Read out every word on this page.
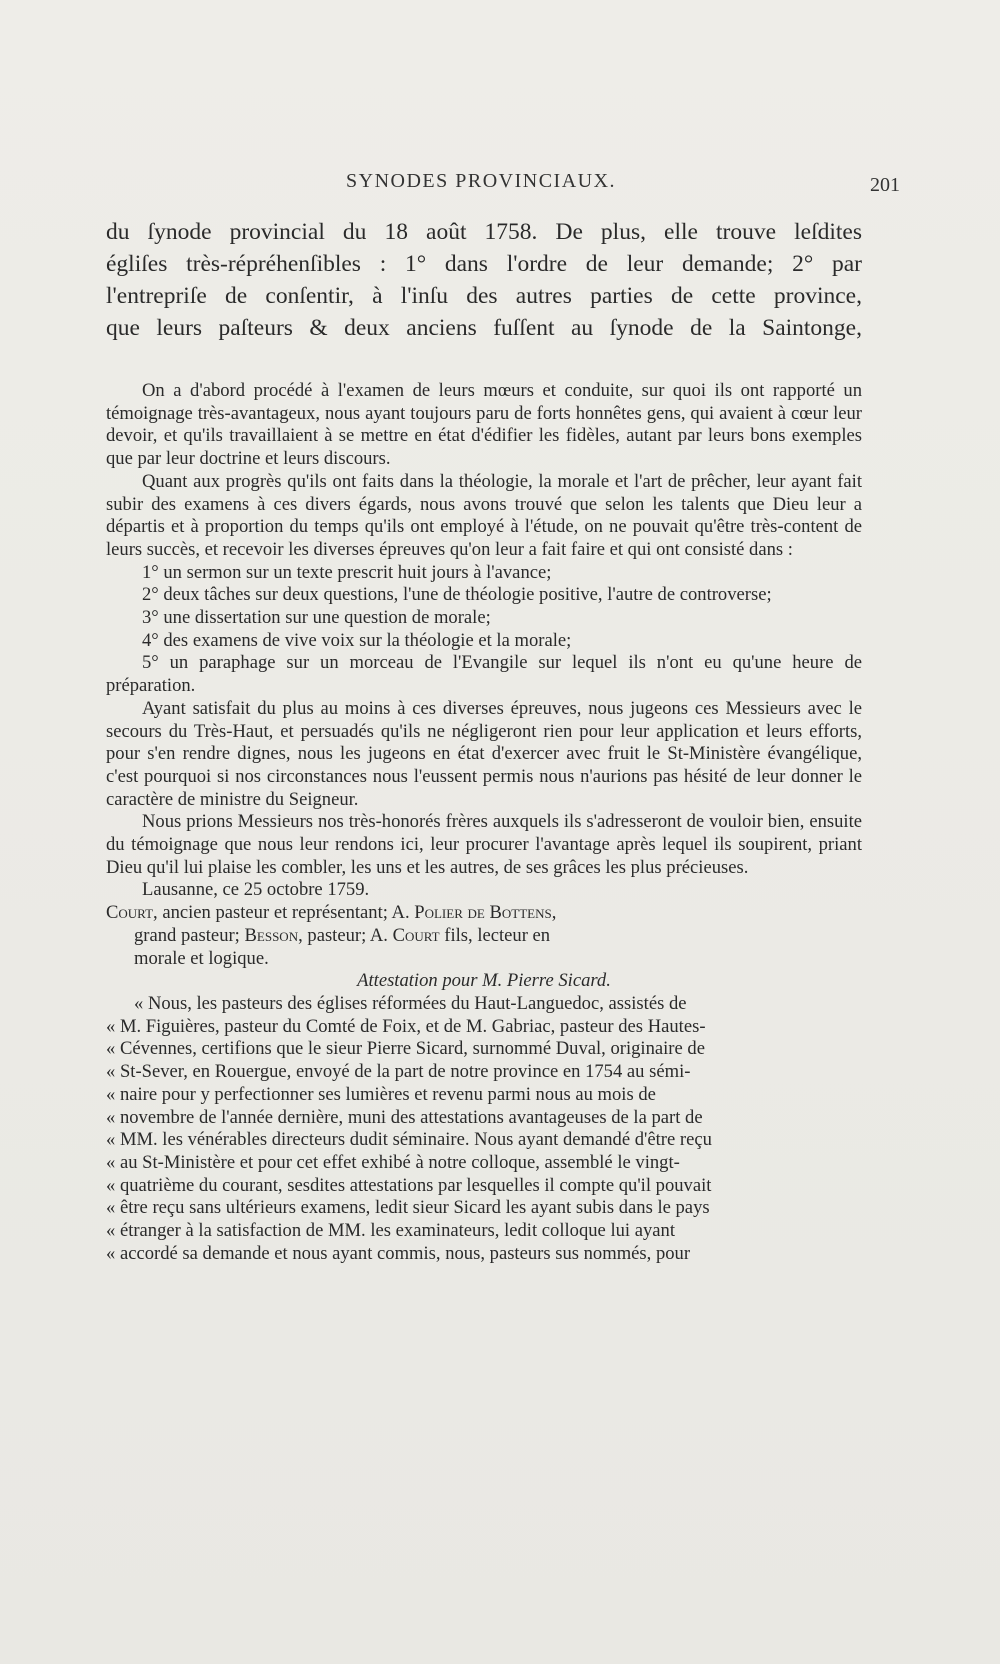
SYNODES PROVINCIAUX.	201

du ſynode provincial du 18 août 1758. De plus, elle trouve leſdites
égliſes très-répréhenſibles : 1° dans l'ordre de leur demande; 2° par
l'entrepriſe de conſentir, à l'inſu des autres parties de cette province,
que leurs paſteurs & deux anciens fuſſent au ſynode de la Saintonge,

On a d'abord procédé à l'examen de leurs mœurs et conduite, sur quoi ils ont rapporté un témoignage très-avantageux, nous ayant toujours paru de forts honnêtes gens, qui avaient à cœur leur devoir, et qu'ils travaillaient à se mettre en état d'édifier les fidèles, autant par leurs bons exemples que par leur doctrine et leurs discours.

Quant aux progrès qu'ils ont faits dans la théologie, la morale et l'art de prêcher, leur ayant fait subir des examens à ces divers égards, nous avons trouvé que selon les talents que Dieu leur a départis et à proportion du temps qu'ils ont employé à l'étude, on ne pouvait qu'être très-content de leurs succès, et recevoir les diverses épreuves qu'on leur a fait faire et qui ont consisté dans :

1° un sermon sur un texte prescrit huit jours à l'avance;

2° deux tâches sur deux questions, l'une de théologie positive, l'autre de controverse;

3° une dissertation sur une question de morale;

4° des examens de vive voix sur la théologie et la morale;

5° un paraphage sur un morceau de l'Evangile sur lequel ils n'ont eu qu'une heure de préparation.

Ayant satisfait du plus au moins à ces diverses épreuves, nous jugeons ces Messieurs avec le secours du Très-Haut, et persuadés qu'ils ne négligeront rien pour leur application et leurs efforts, pour s'en rendre dignes, nous les jugeons en état d'exercer avec fruit le St-Ministère évangélique, c'est pourquoi si nos circonstances nous l'eussent permis nous n'aurions pas hésité de leur donner le caractère de ministre du Seigneur.

Nous prions Messieurs nos très-honorés frères auxquels ils s'adresseront de vouloir bien, ensuite du témoignage que nous leur rendons ici, leur procurer l'avantage après lequel ils soupirent, priant Dieu qu'il lui plaise les combler, les uns et les autres, de ses grâces les plus précieuses.

Lausanne, ce 25 octobre 1759.

Court, ancien pasteur et représentant; A. Polier de Bottens,
grand pasteur; Besson, pasteur; A. Court fils, lecteur en
morale et logique.

Attestation pour M. Pierre Sicard.

« Nous, les pasteurs des églises réformées du Haut-Languedoc, assistés de
« M. Figuières, pasteur du Comté de Foix, et de M. Gabriac, pasteur des Hautes-
« Cévennes, certifions que le sieur Pierre Sicard, surnommé Duval, originaire de
« St-Sever, en Rouergue, envoyé de la part de notre province en 1754 au sémi-
« naire pour y perfectionner ses lumières et revenu parmi nous au mois de
« novembre de l'année dernière, muni des attestations avantageuses de la part de
« MM. les vénérables directeurs dudit séminaire. Nous ayant demandé d'être reçu
« au St-Ministère et pour cet effet exhibé à notre colloque, assemblé le vingt-
« quatrième du courant, sesdites attestations par lesquelles il compte qu'il pouvait
« être reçu sans ultérieurs examens, ledit sieur Sicard les ayant subis dans le pays
« étranger à la satisfaction de MM. les examinateurs, ledit colloque lui ayant
« accordé sa demande et nous ayant commis, nous, pasteurs sus nommés, pour
